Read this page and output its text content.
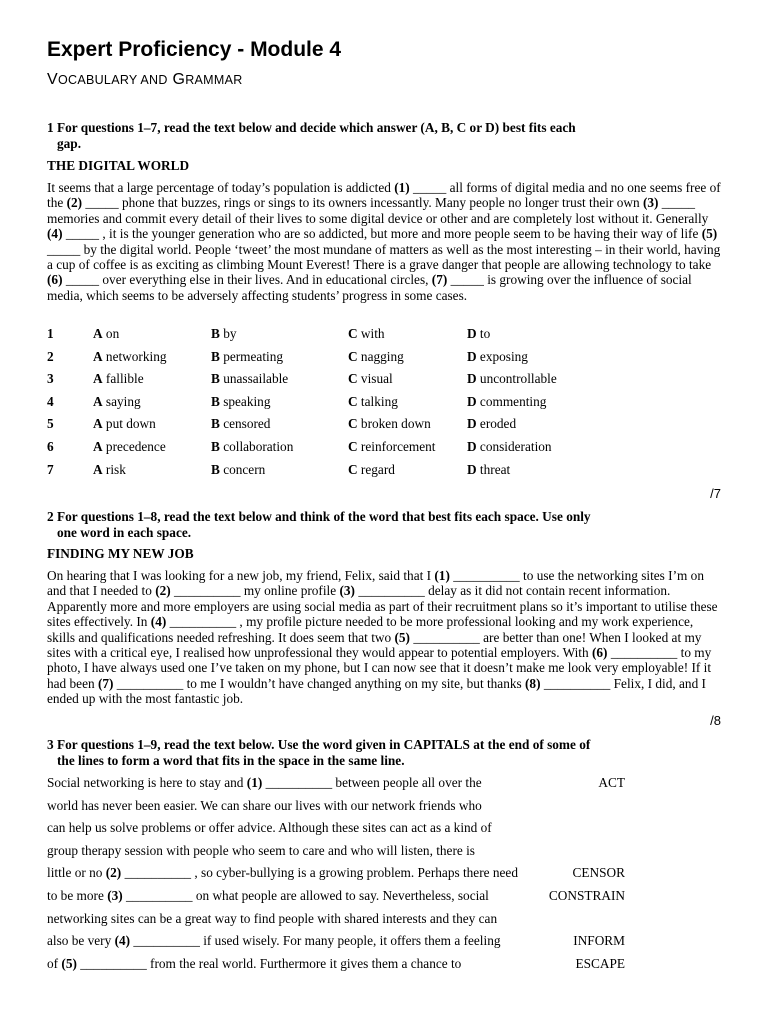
Expert Proficiency - Module 4
VOCABULARY AND GRAMMAR
1 For questions 1–7, read the text below and decide which answer (A, B, C or D) best fits each
gap.
THE DIGITAL WORLD
It seems that a large percentage of today’s population is addicted (1) _____ all forms of digital media and no one seems free of the (2) _____ phone that buzzes, rings or sings to its owners incessantly. Many people no longer trust their own (3) _____ memories and commit every detail of their lives to some digital device or other and are completely lost without it. Generally (4) _____ , it is the younger generation who are so addicted, but more and more people seem to be having their way of life (5) _____ by the digital world. People ‘tweet’ the most mundane of matters as well as the most interesting – in their world, having a cup of coffee is as exciting as climbing Mount Everest! There is a grave danger that people are allowing technology to take (6) _____ over everything else in their lives. And in educational circles, (7) _____ is growing over the influence of social media, which seems to be adversely affecting students’ progress in some cases.
1	A on	B by	C with	D to
2	A networking	B permeating	C nagging	D exposing
3	A fallible	B unassailable	C visual	D uncontrollable
4	A saying	B speaking	C talking	D commenting
5	A put down	B censored	C broken down	D eroded
6	A precedence	B collaboration	C reinforcement D consideration
7	A risk	B concern	C regard	D threat
/7
2 For questions 1–8, read the text below and think of the word that best fits each space. Use only
one word in each space.
FINDING MY NEW JOB
On hearing that I was looking for a new job, my friend, Felix, said that I (1) __________ to use the networking sites I’m on and that I needed to (2) __________ my online profile (3) __________ delay as it did not contain recent information. Apparently more and more employers are using social media as part of their recruitment plans so it’s important to utilise these sites effectively. In (4) __________ , my profile picture needed to be more professional looking and my work experience, skills and qualifications needed refreshing. It does seem that two (5) __________ are better than one! When I looked at my sites with a critical eye, I realised how unprofessional they would appear to potential employers. With (6) __________ to my photo, I have always used one I’ve taken on my phone, but I can now see that it doesn’t make me look very employable! If it had been (7) __________ to me I wouldn’t have changed anything on my site, but thanks (8) __________ Felix, I did, and I ended up with the most fantastic job.
/8
3 For questions 1–9, read the text below. Use the word given in CAPITALS at the end of some of
the lines to form a word that fits in the space in the same line.
Social networking is here to stay and (1) __________ between people all over the	ACT
world has never been easier. We can share our lives with our network friends who
can help us solve problems or offer advice. Although these sites can act as a kind of
group therapy session with people who seem to care and who will listen, there is
little or no (2) __________ , so cyber-bullying is a growing problem. Perhaps there need	CENSOR
to be more (3) __________ on what people are allowed to say. Nevertheless, social	CONSTRAIN
networking sites can be a great way to find people with shared interests and they can
also be very (4) __________ if used wisely. For many people, it offers them a feeling	INFORM
of (5) __________ from the real world. Furthermore it gives them a chance to	ESCAPE
